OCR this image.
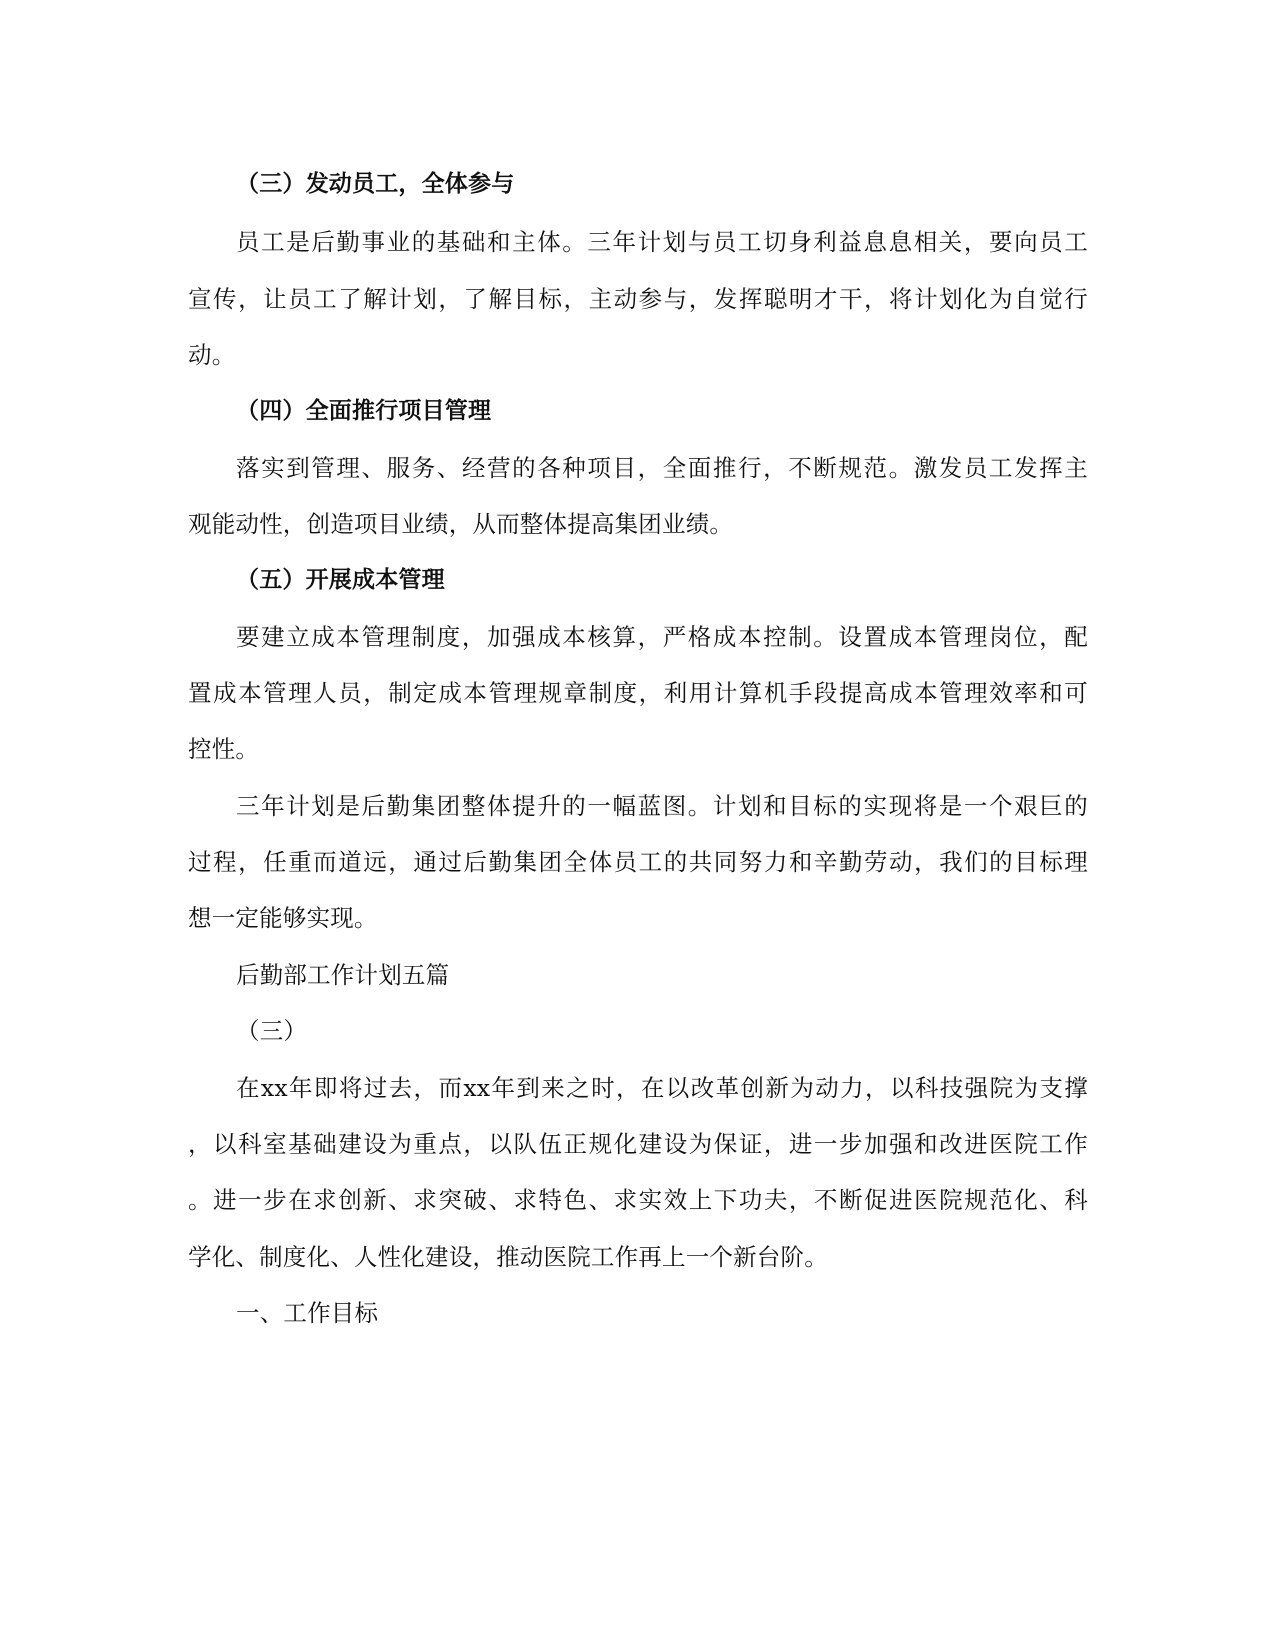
（三）发动员工，全体参与
员工是后勤事业的基础和主体。三年计划与员工切身利益息息相关，要向员工
宣传，让员工了解计划，了解目标，主动参与，发挥聪明才干，将计划化为自觉行
动。
（四）全面推行项目管理
落实到管理、服务、经营的各种项目，全面推行，不断规范。激发员工发挥主
观能动性，创造项目业绩，从而整体提高集团业绩。
（五）开展成本管理
要建立成本管理制度，加强成本核算，严格成本控制。设置成本管理岗位，配
置成本管理人员，制定成本管理规章制度，利用计算机手段提高成本管理效率和可
控性。
三年计划是后勤集团整体提升的一幅蓝图。计划和目标的实现将是一个艰巨的
过程，任重而道远，通过后勤集团全体员工的共同努力和辛勤劳动，我们的目标理
想一定能够实现。
后勤部工作计划五篇
（三）
在xx年即将过去，而xx年到来之时，在以改革创新为动力，以科技强院为支撑
，以科室基础建设为重点，以队伍正规化建设为保证，进一步加强和改进医院工作
。进一步在求创新、求突破、求特色、求实效上下功夫，不断促进医院规范化、科
学化、制度化、人性化建设，推动医院工作再上一个新台阶。
一、工作目标
